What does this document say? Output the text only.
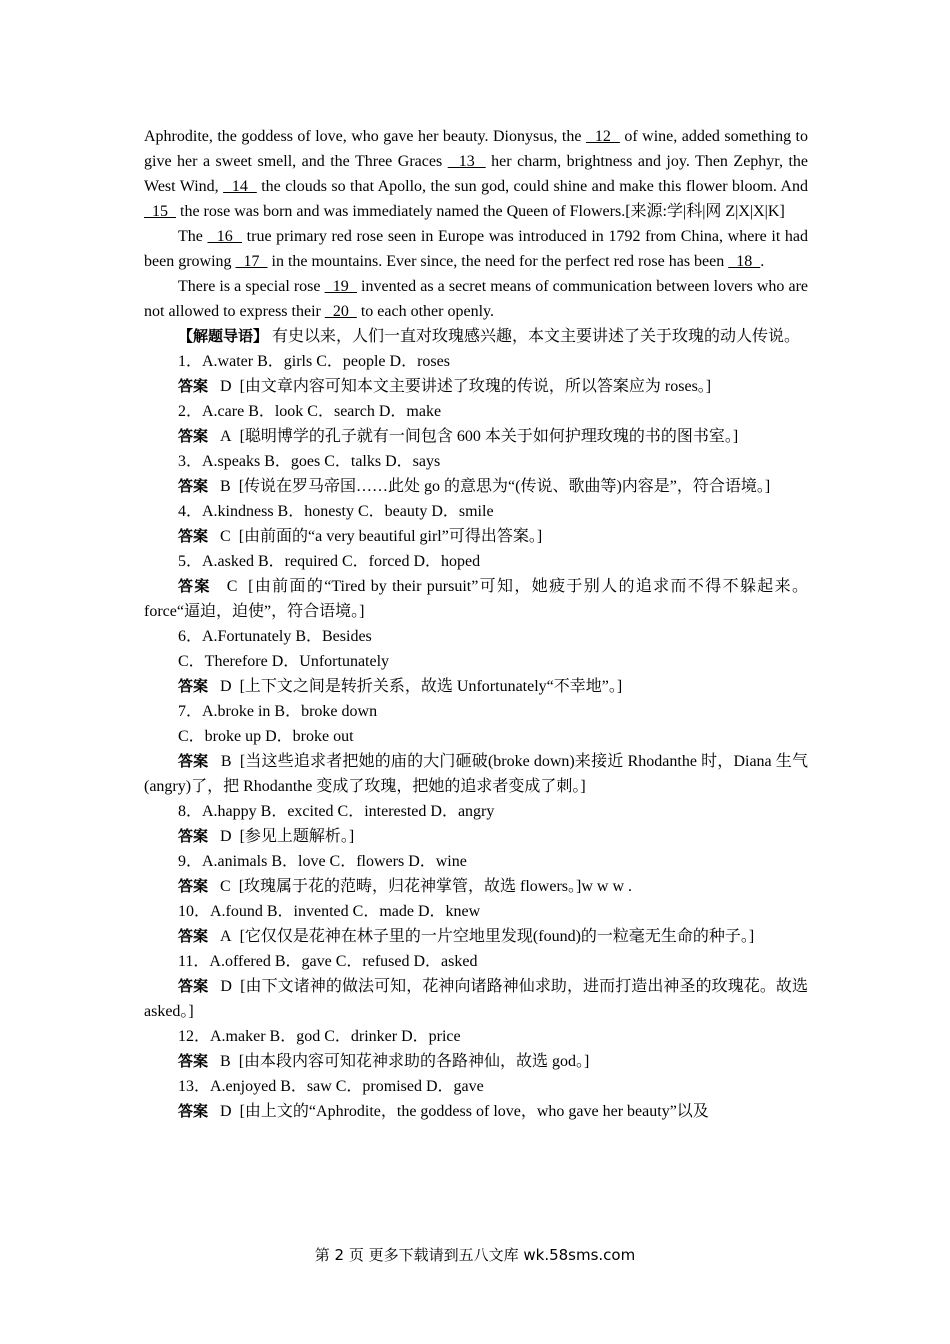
Aphrodite, the goddess of love, who gave her beauty. Dionysus, the   12   of wine, added something to give her a sweet smell, and the Three Graces   13   her charm, brightness and joy. Then Zephyr, the West Wind,   14   the clouds so that Apollo, the sun god, could shine and make this flower bloom. And   15   the rose was born and was immediately named the Queen of Flowers.[来源:学|科|网 Z|X|X|K]

The   16   true primary red rose seen in Europe was introduced in 1792 from China, where it had been growing   17   in the mountains. Ever since, the need for the perfect red rose has been   18  .

There is a special rose   19   invented as a secret means of communication between lovers who are not allowed to express their   20   to each other openly.

【解题导语】 有史以来，人们一直对玫瑰感兴趣，本文主要讲述了关于玫瑰的动人传说。

1．A.water B．girls C．people D．roses

答案 D [由文章内容可知本文主要讲述了玫瑰的传说，所以答案应为 roses。]

2．A.care B．look C．search D．make

答案 A [聪明博学的孔子就有一间包含 600 本关于如何护理玫瑰的书的图书室。]

3．A.speaks B．goes C．talks D．says

答案 B [传说在罗马帝国……此处 go 的意思为“(传说、歌曲等)内容是”，符合语境。]

4．A.kindness B．honesty C．beauty D．smile

答案 C [由前面的“a very beautiful girl”可得出答案。]

5．A.asked B．required C．forced D．hoped

答案 C [由前面的“Tired by their pursuit”可知，她疲于别人的追求而不得不躲起来。force“逼迫，迫使”，符合语境。]

6．A.Fortunately B．Besides

C．Therefore D．Unfortunately

答案 D [上下文之间是转折关系，故选 Unfortunately“不幸地”。]

7．A.broke in B．broke down

C．broke up D．broke out

答案 B [当这些追求者把她的庙的大门砸破(broke down)来接近 Rhodanthe 时，Diana 生气(angry)了，把 Rhodanthe 变成了玫瑰，把她的追求者变成了刺。]

8．A.happy B．excited C．interested D．angry

答案 D [参见上题解析。]

9．A.animals B．love C．flowers D．wine

答案 C [玫瑰属于花的范畴，归花神掌管，故选 flowers。]w w w .

10．A.found B．invented C．made D．knew

答案 A [它仅仅是花神在林子里的一片空地里发现(found)的一粒毫无生命的种子。]

11．A.offered B．gave C．refused D．asked

答案 D [由下文诸神的做法可知，花神向诸路神仙求助，进而打造出神圣的玫瑰花。故选 asked。]

12．A.maker B．god C．drinker D．price

答案 B [由本段内容可知花神求助的各路神仙，故选 god。]

13．A.enjoyed B．saw C．promised D．gave

答案 D [由上文的“Aphrodite，the goddess of love，who gave her beauty”以及

第 2 页 更多下载请到五八文库 wk.58sms.com
